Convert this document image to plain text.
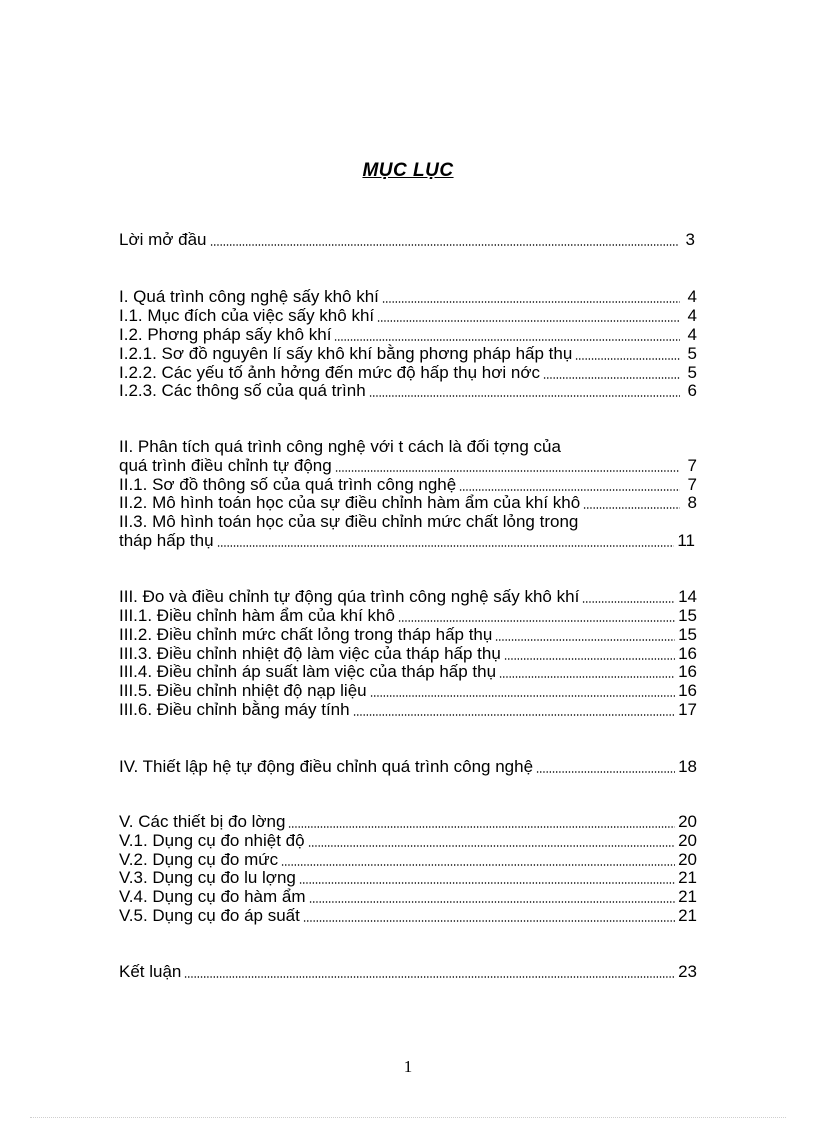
MỤC LỤC
Lời mở đầu	3
I. Quá trình công nghệ sấy khô khí	4
I.1. Mục đích của việc sấy khô khí	4
I.2. Phơng pháp sấy khô khí	4
I.2.1. Sơ đồ nguyên lí sấy khô khí bằng phơng pháp hấp thụ	5
I.2.2. Các yếu tố ảnh hởng đến mức độ hấp thụ hơi nớc	5
I.2.3. Các thông số của quá trình	6
II. Phân tích quá trình công nghệ với t cách là đối tợng của
quá trình điều chỉnh tự động	7
II.1. Sơ đồ thông số của quá trình công nghệ	7
II.2. Mô hình toán học của sự điều chỉnh hàm ẩm của khí khô	8
II.3. Mô hình toán học của sự điều chỉnh mức chất lỏng trong
tháp hấp thụ	11
III. Đo và điều chỉnh tự động qúa trình công nghệ sấy khô khí	14
III.1. Điều chỉnh hàm ẩm của khí khô	15
III.2. Điều chỉnh mức chất lỏng trong tháp hấp thụ	15
III.3. Điều chỉnh nhiệt độ làm việc của tháp hấp thụ	16
III.4. Điều chỉnh áp suất làm việc của tháp hấp thụ	16
III.5. Điều chỉnh nhiệt độ nạp liệu	16
III.6. Điều chỉnh bằng máy tính	17
IV. Thiết lập hệ tự động điều chỉnh quá trình công nghệ	18
V. Các thiết bị đo lờng	20
V.1. Dụng cụ đo nhiệt độ	20
V.2. Dụng cụ đo mức	20
V.3. Dụng cụ đo lu lợng	21
V.4. Dụng cụ đo hàm ẩm	21
V.5. Dụng cụ đo áp suất	21
Kết luận	23
1
